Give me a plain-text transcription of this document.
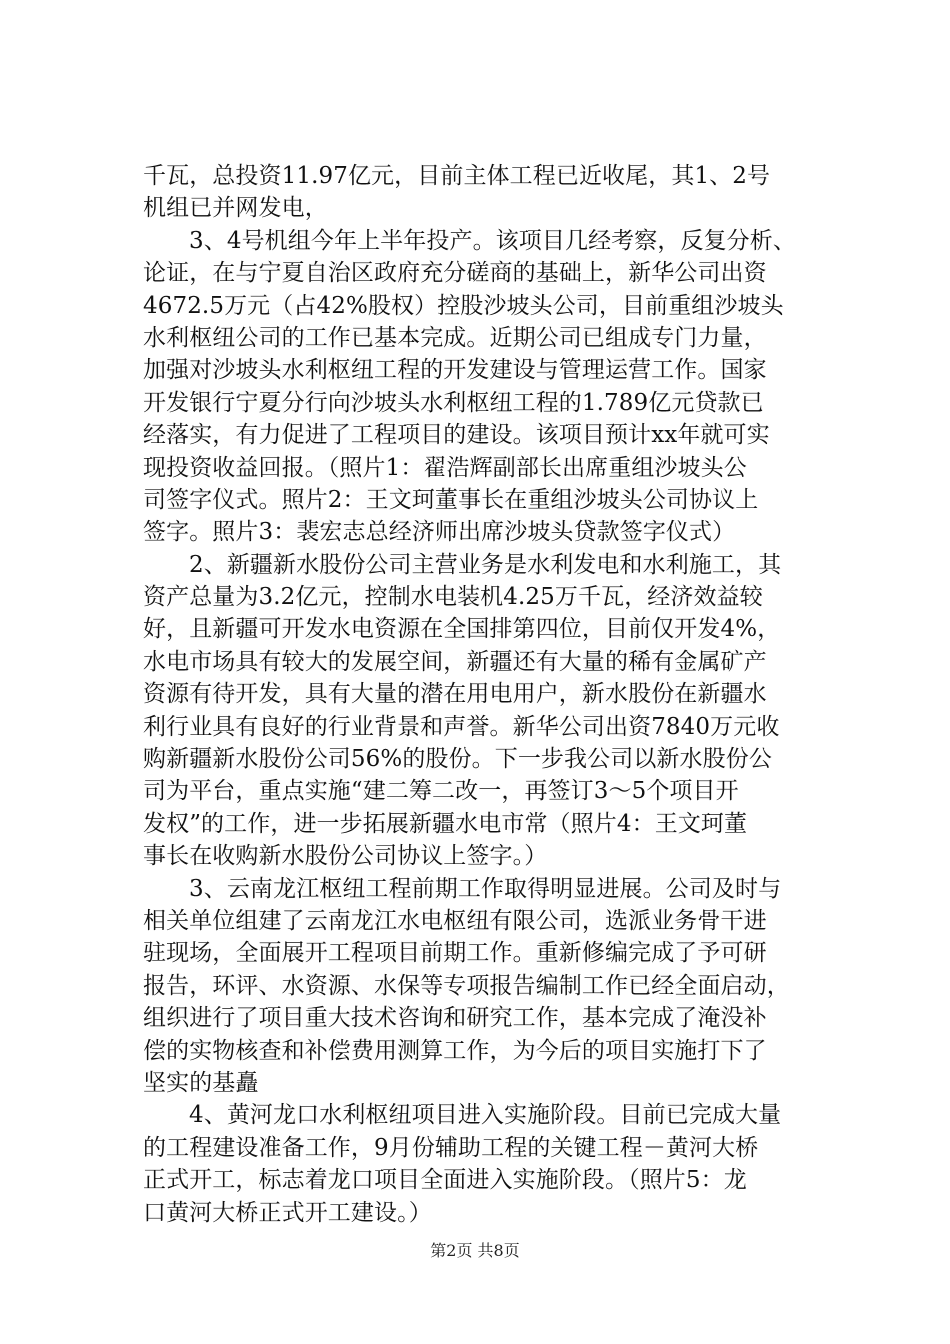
千瓦，总投资11.97亿元，目前主体工程已近收尾，其1、2号
机组已并网发电，
3、4号机组今年上半年投产。该项目几经考察，反复分析、
论证，在与宁夏自治区政府充分磋商的基础上，新华公司出资
4672.5万元（占42%股权）控股沙坡头公司，目前重组沙坡头
水利枢纽公司的工作已基本完成。近期公司已组成专门力量，
加强对沙坡头水利枢纽工程的开发建设与管理运营工作。国家
开发银行宁夏分行向沙坡头水利枢纽工程的1.789亿元贷款已
经落实，有力促进了工程项目的建设。该项目预计xx年就可实
现投资收益回报。（照片1：翟浩辉副部长出席重组沙坡头公
司签字仪式。照片2：王文珂董事长在重组沙坡头公司协议上
签字。照片3：裴宏志总经济师出席沙坡头贷款签字仪式）
2、新疆新水股份公司主营业务是水利发电和水利施工，其
资产总量为3.2亿元，控制水电装机4.25万千瓦，经济效益较
好，且新疆可开发水电资源在全国排第四位，目前仅开发4%，
水电市场具有较大的发展空间，新疆还有大量的稀有金属矿产
资源有待开发，具有大量的潜在用电用户，新水股份在新疆水
利行业具有良好的行业背景和声誉。新华公司出资7840万元收
购新疆新水股份公司56%的股份。下一步我公司以新水股份公
司为平台，重点实施“建二筹二改一，再签订3～5个项目开
发权”的工作，进一步拓展新疆水电市常（照片4：王文珂董
事长在收购新水股份公司协议上签字。）
3、云南龙江枢纽工程前期工作取得明显进展。公司及时与
相关单位组建了云南龙江水电枢纽有限公司，选派业务骨干进
驻现场，全面展开工程项目前期工作。重新修编完成了予可研
报告，环评、水资源、水保等专项报告编制工作已经全面启动，
组织进行了项目重大技术咨询和研究工作，基本完成了淹没补
偿的实物核查和补偿费用测算工作，为今后的项目实施打下了
坚实的基矗
4、黄河龙口水利枢纽项目进入实施阶段。目前已完成大量
的工程建设准备工作，9月份辅助工程的关键工程－黄河大桥
正式开工，标志着龙口项目全面进入实施阶段。（照片5：龙
口黄河大桥正式开工建设。）
第2页 共8页
